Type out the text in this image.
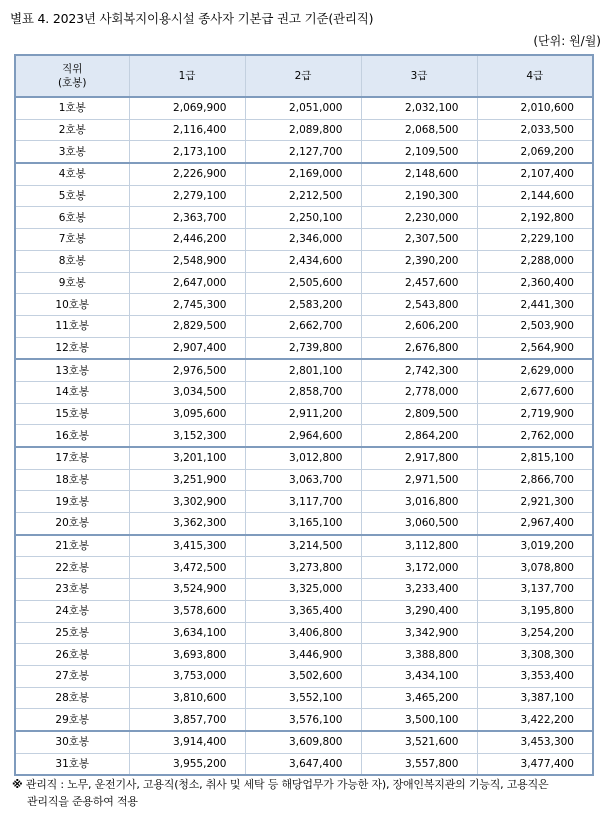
별표 4. 2023년 사회복지이용시설 종사자 기본급 권고 기준(관리직)
(단위: 원/월)
직위
(호봉)	1급	2급	3급	4급
1호봉	2,069,900	2,051,000	2,032,100	2,010,600
2호봉	2,116,400	2,089,800	2,068,500	2,033,500
3호봉	2,173,100	2,127,700	2,109,500	2,069,200
4호봉	2,226,900	2,169,000	2,148,600	2,107,400
5호봉	2,279,100	2,212,500	2,190,300	2,144,600
6호봉	2,363,700	2,250,100	2,230,000	2,192,800
7호봉	2,446,200	2,346,000	2,307,500	2,229,100
8호봉	2,548,900	2,434,600	2,390,200	2,288,000
9호봉	2,647,000	2,505,600	2,457,600	2,360,400
10호봉	2,745,300	2,583,200	2,543,800	2,441,300
11호봉	2,829,500	2,662,700	2,606,200	2,503,900
12호봉	2,907,400	2,739,800	2,676,800	2,564,900
13호봉	2,976,500	2,801,100	2,742,300	2,629,000
14호봉	3,034,500	2,858,700	2,778,000	2,677,600
15호봉	3,095,600	2,911,200	2,809,500	2,719,900
16호봉	3,152,300	2,964,600	2,864,200	2,762,000
17호봉	3,201,100	3,012,800	2,917,800	2,815,100
18호봉	3,251,900	3,063,700	2,971,500	2,866,700
19호봉	3,302,900	3,117,700	3,016,800	2,921,300
20호봉	3,362,300	3,165,100	3,060,500	2,967,400
21호봉	3,415,300	3,214,500	3,112,800	3,019,200
22호봉	3,472,500	3,273,800	3,172,000	3,078,800
23호봉	3,524,900	3,325,000	3,233,400	3,137,700
24호봉	3,578,600	3,365,400	3,290,400	3,195,800
25호봉	3,634,100	3,406,800	3,342,900	3,254,200
26호봉	3,693,800	3,446,900	3,388,800	3,308,300
27호봉	3,753,000	3,502,600	3,434,100	3,353,400
28호봉	3,810,600	3,552,100	3,465,200	3,387,100
29호봉	3,857,700	3,576,100	3,500,100	3,422,200
30호봉	3,914,400	3,609,800	3,521,600	3,453,300
31호봉	3,955,200	3,647,400	3,557,800	3,477,400
※ 관리직 : 노무, 운전기사, 고용직(청소, 취사 및 세탁 등 해당업무가 가능한 자), 장애인복지관의 기능직, 고용직은
관리직을 준용하여 적용
